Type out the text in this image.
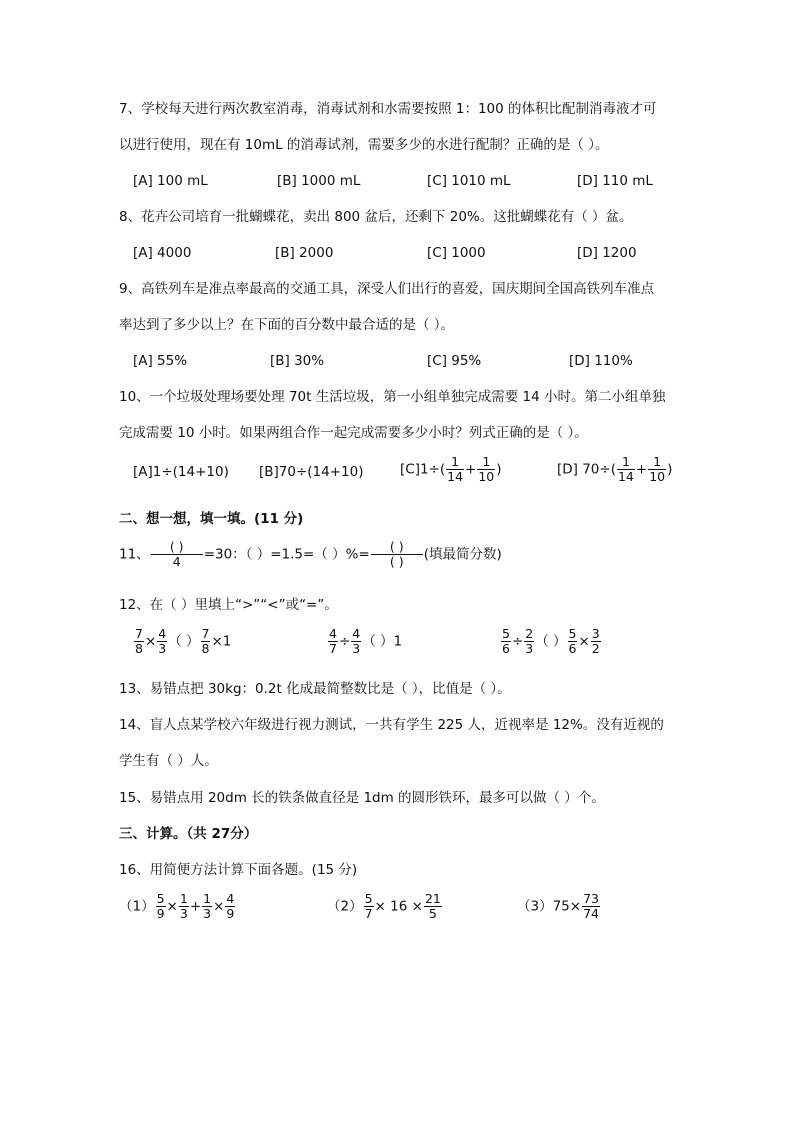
7、学校每天进行两次教室消毒，消毒试剂和水需要按照 1：100 的体积比配制消毒液才可
以进行使用，现在有 10mL 的消毒试剂，需要多少的水进行配制？正确的是（ ）。
[A] 100 mL	[B] 1000 mL	[C] 1010 mL	[D] 110 mL
8、花卉公司培育一批蝴蝶花，卖出 800 盆后，还剩下 20%。这批蝴蝶花有（ ）盆。
[A] 4000	[B] 2000	[C] 1000	[D] 1200
9、高铁列车是准点率最高的交通工具，深受人们出行的喜爱，国庆期间全国高铁列车准点
率达到了多少以上？在下面的百分数中最合适的是（ ）。
[A] 55%	[B] 30%	[C] 95%	[D] 110%
10、一个垃圾处理场要处理 70t 生活垃圾，第一小组单独完成需要 14 小时。第二小组单独
完成需要 10 小时。如果两组合作一起完成需要多少小时？列式正确的是（ ）。
[A]1÷(14+10) [B]70÷(14+10)	$[C]1\div( \frac{1}{14} + \frac{1}{10}$ )	[D] $70\div( \frac{1}{14} + \frac{1}{10}$ )
二、想一想，填一填。(11 分)
11、 $\frac{( )}{4} =30$：（ ）=1.5=（ ）%= $\frac{( )}{( )}$ (填最简分数)
12、在（ ）里填上“>”“<”或“=”。
$\frac{7}{8} \times \frac{4}{3}$ （ ） $\frac{7}{8} \times 1$	$\frac{4}{7} \div \frac{4}{3}$ （ ）1	$\frac{5}{6} \div \frac{2}{3}$ （ ） $\frac{5}{6} \times \frac{3}{2}$
13、易错点把 30kg：0.2t 化成最简整数比是（ ），比值是（ ）。
14、盲人点某学校六年级进行视力测试，一共有学生 225 人，近视率是 12%。没有近视的
学生有（ ）人。
15、易错点用 20dm 长的铁条做直径是 1dm 的圆形铁环，最多可以做（ ）个。
三、计算。（共 27分）
16、用简便方法计算下面各题。(15 分)
$(1) \frac{5}{9} \times \frac{1}{3} + \frac{1}{3} \times \frac{4}{9}$	$(2) \frac{5}{7} \times 16 \times \frac{21}{5}$	$(3)75\times \frac{73}{74}$
